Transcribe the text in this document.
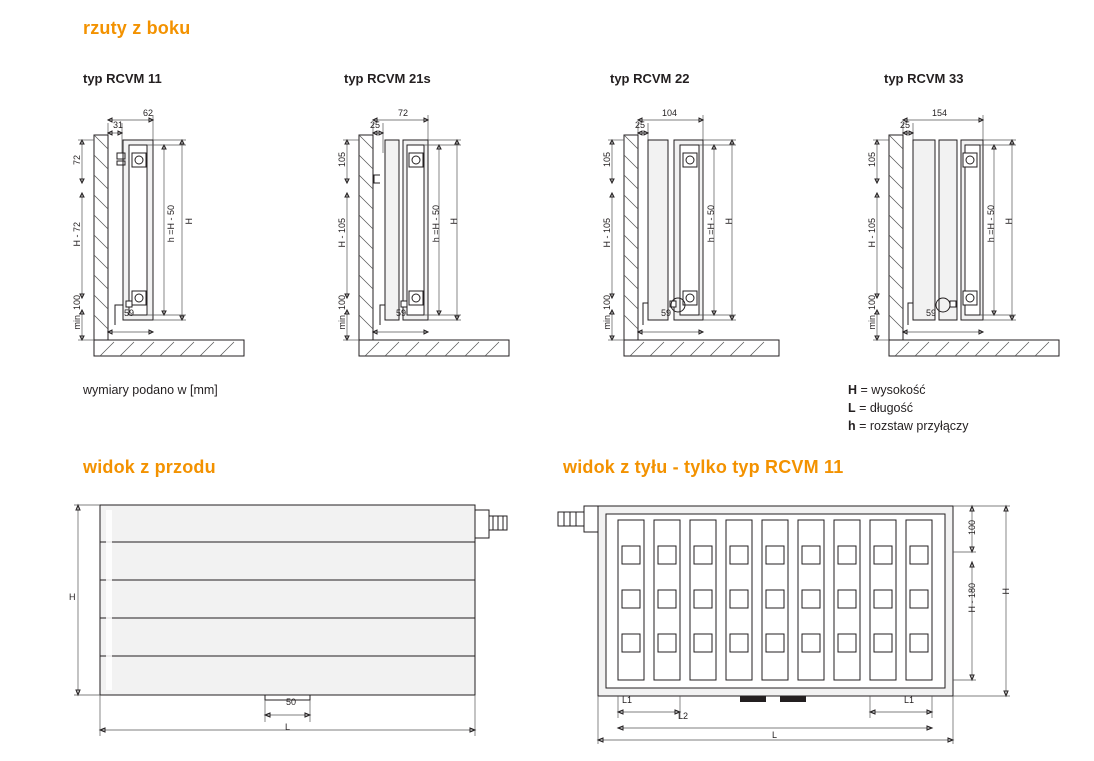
rzuty z boku
typ RCVM 11
31
62
72
H - 72
min. 100
h =H - 50 H
59
typ RCVM 21s
25
72
105
H - 105
min. 100
h =H - 50 H
59
typ RCVM 22
25
104
105
H - 105
min. 100
h =H - 50 H
59
typ RCVM 33
25
154
105
H - 105
min. 100
h =H - 50 H
59
wymiary podano w [mm]	H = wysokość
L = długość
h = rozstaw przyłączy
widok z przodu
H
50
L
widok z tyłu - tylko typ RCVM 11
100
H - 180	H
L1	L1
L2
L
